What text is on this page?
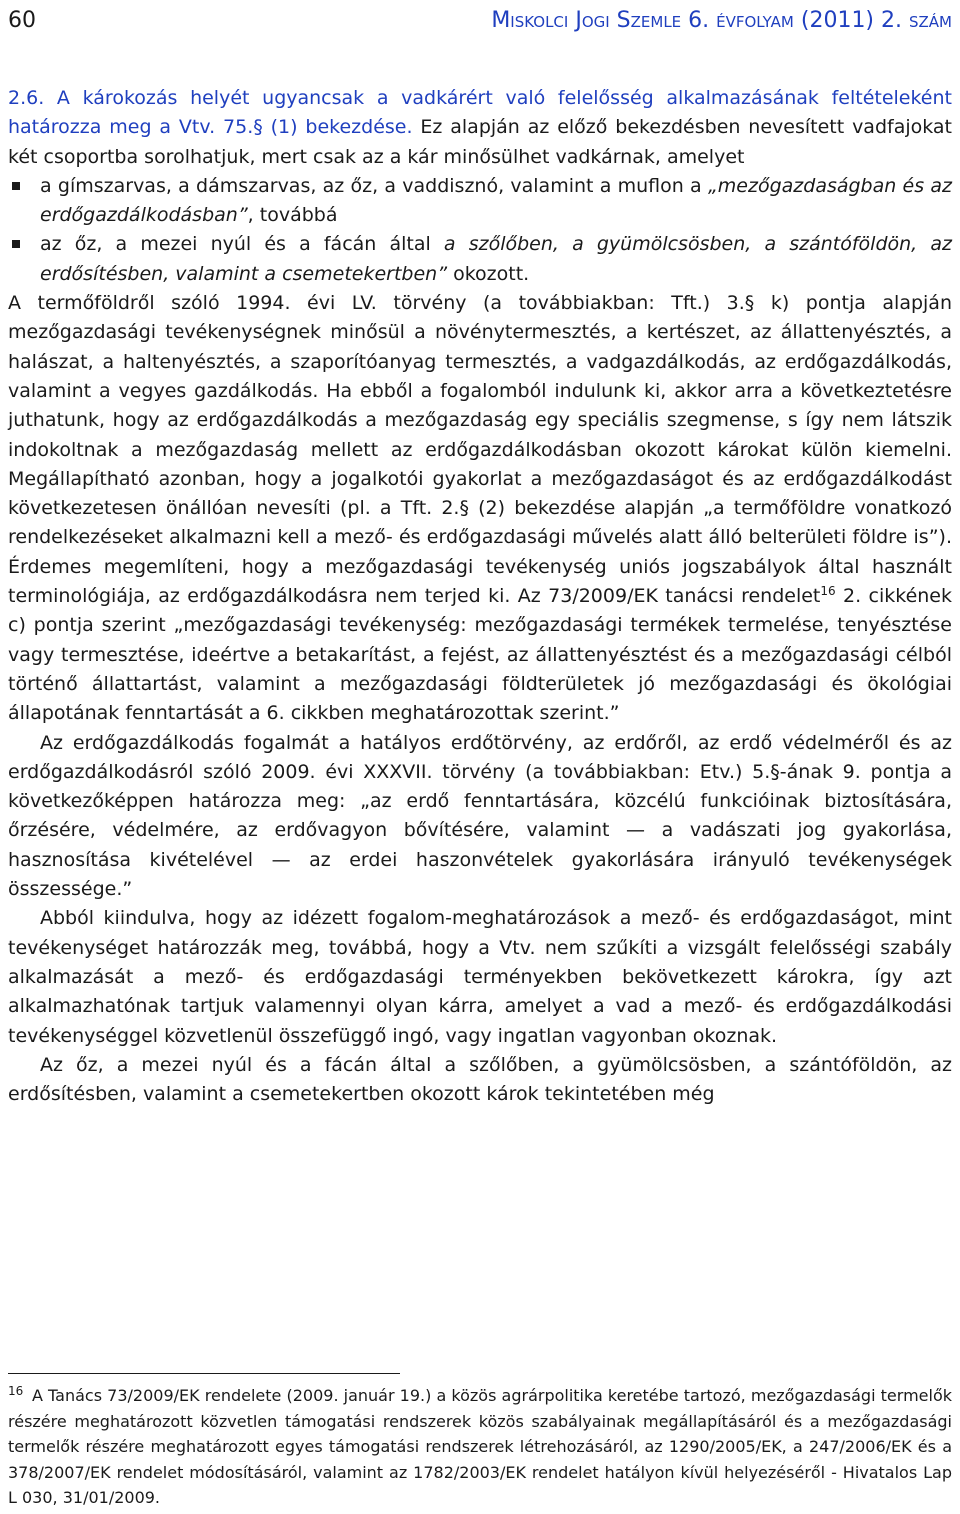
60	Miskolci Jogi Szemle 6. évfolyam (2011) 2. szám

2.6. A károkozás helyét ugyancsak a vadkárért való felelősség alkalmazásának feltételeként határozza meg a Vtv. 75.§ (1) bekezdése. Ez alapján az előző bekezdésben nevesített vadfajokat két csoportba sorolhatjuk, mert csak az a kár minősülhet vadkárnak, amelyet

a gímszarvas, a dámszarvas, az őz, a vaddisznó, valamint a muflon a „mezőgazdaságban és az erdőgazdálkodásban”, továbbá
az őz, a mezei nyúl és a fácán által a szőlőben, a gyümölcsösben, a szántóföldön, az erdősítésben, valamint a csemetekertben” okozott.

A termőföldről szóló 1994. évi LV. törvény (a továbbiakban: Tft.) 3.§ k) pontja alapján mezőgazdasági tevékenységnek minősül a növénytermesztés, a kertészet, az állattenyésztés, a halászat, a haltenyésztés, a szaporítóanyag termesztés, a vadgazdálkodás, az erdőgazdálkodás, valamint a vegyes gazdálkodás. Ha ebből a fogalomból indulunk ki, akkor arra a következtetésre juthatunk, hogy az erdőgazdálkodás a mezőgazdaság egy speciális szegmense, s így nem látszik indokoltnak a mezőgazdaság mellett az erdőgazdálkodásban okozott károkat külön kiemelni. Megállapítható azonban, hogy a jogalkotói gyakorlat a mezőgazdaságot és az erdőgazdálkodást következetesen önállóan nevesíti (pl. a Tft. 2.§ (2) bekezdése alapján „a termőföldre vonatkozó rendelkezéseket alkalmazni kell a mező- és erdőgazdasági művelés alatt álló belterületi földre is”). Érdemes megemlíteni, hogy a mezőgazdasági tevékenység uniós jogszabályok által használt terminológiája, az erdőgazdálkodásra nem terjed ki. Az 73/2009/EK tanácsi rendelet$^{16}$ 2. cikkének c) pontja szerint „mezőgazdasági tevékenység: mezőgazdasági termékek termelése, tenyésztése vagy termesztése, ideértve a betakarítást, a fejést, az állattenyésztést és a mezőgazdasági célból történő állattartást, valamint a mezőgazdasági földterületek jó mezőgazdasági és ökológiai állapotának fenntartását a 6. cikkben meghatározottak szerint.”

Az erdőgazdálkodás fogalmát a hatályos erdőtörvény, az erdőről, az erdő védelméről és az erdőgazdálkodásról szóló 2009. évi XXXVII. törvény (a továbbiakban: Etv.) 5.§-ának 9. pontja a következőképpen határozza meg: „az erdő fenntartására, közcélú funkcióinak biztosítására, őrzésére, védelmére, az erdővagyon bővítésére, valamint — a vadászati jog gyakorlása, hasznosítása kivételével — az erdei haszonvételek gyakorlására irányuló tevékenységek összessége.”

Abból kiindulva, hogy az idézett fogalom-meghatározások a mező- és erdőgazdaságot, mint tevékenységet határozzák meg, továbbá, hogy a Vtv. nem szűkíti a vizsgált felelősségi szabály alkalmazását a mező- és erdőgazdasági terményekben bekövetkezett károkra, így azt alkalmazhatónak tartjuk valamennyi olyan kárra, amelyet a vad a mező- és erdőgazdálkodási tevékenységgel közvetlenül összefüggő ingó, vagy ingatlan vagyonban okoznak.

Az őz, a mezei nyúl és a fácán által a szőlőben, a gyümölcsösben, a szántóföldön, az erdősítésben, valamint a csemetekertben okozott károk tekintetében még

16 A Tanács 73/2009/EK rendelete (2009. január 19.) a közös agrárpolitika keretébe tartozó, mezőgazdasági termelők részére meghatározott közvetlen támogatási rendszerek közös szabályainak megállapításáról és a mezőgazdasági termelők részére meghatározott egyes támogatási rendszerek létrehozásáról, az 1290/2005/EK, a 247/2006/EK és a 378/2007/EK rendelet módosításáról, valamint az 1782/2003/EK rendelet hatályon kívül helyezéséről - Hivatalos Lap L 030, 31/01/2009.
